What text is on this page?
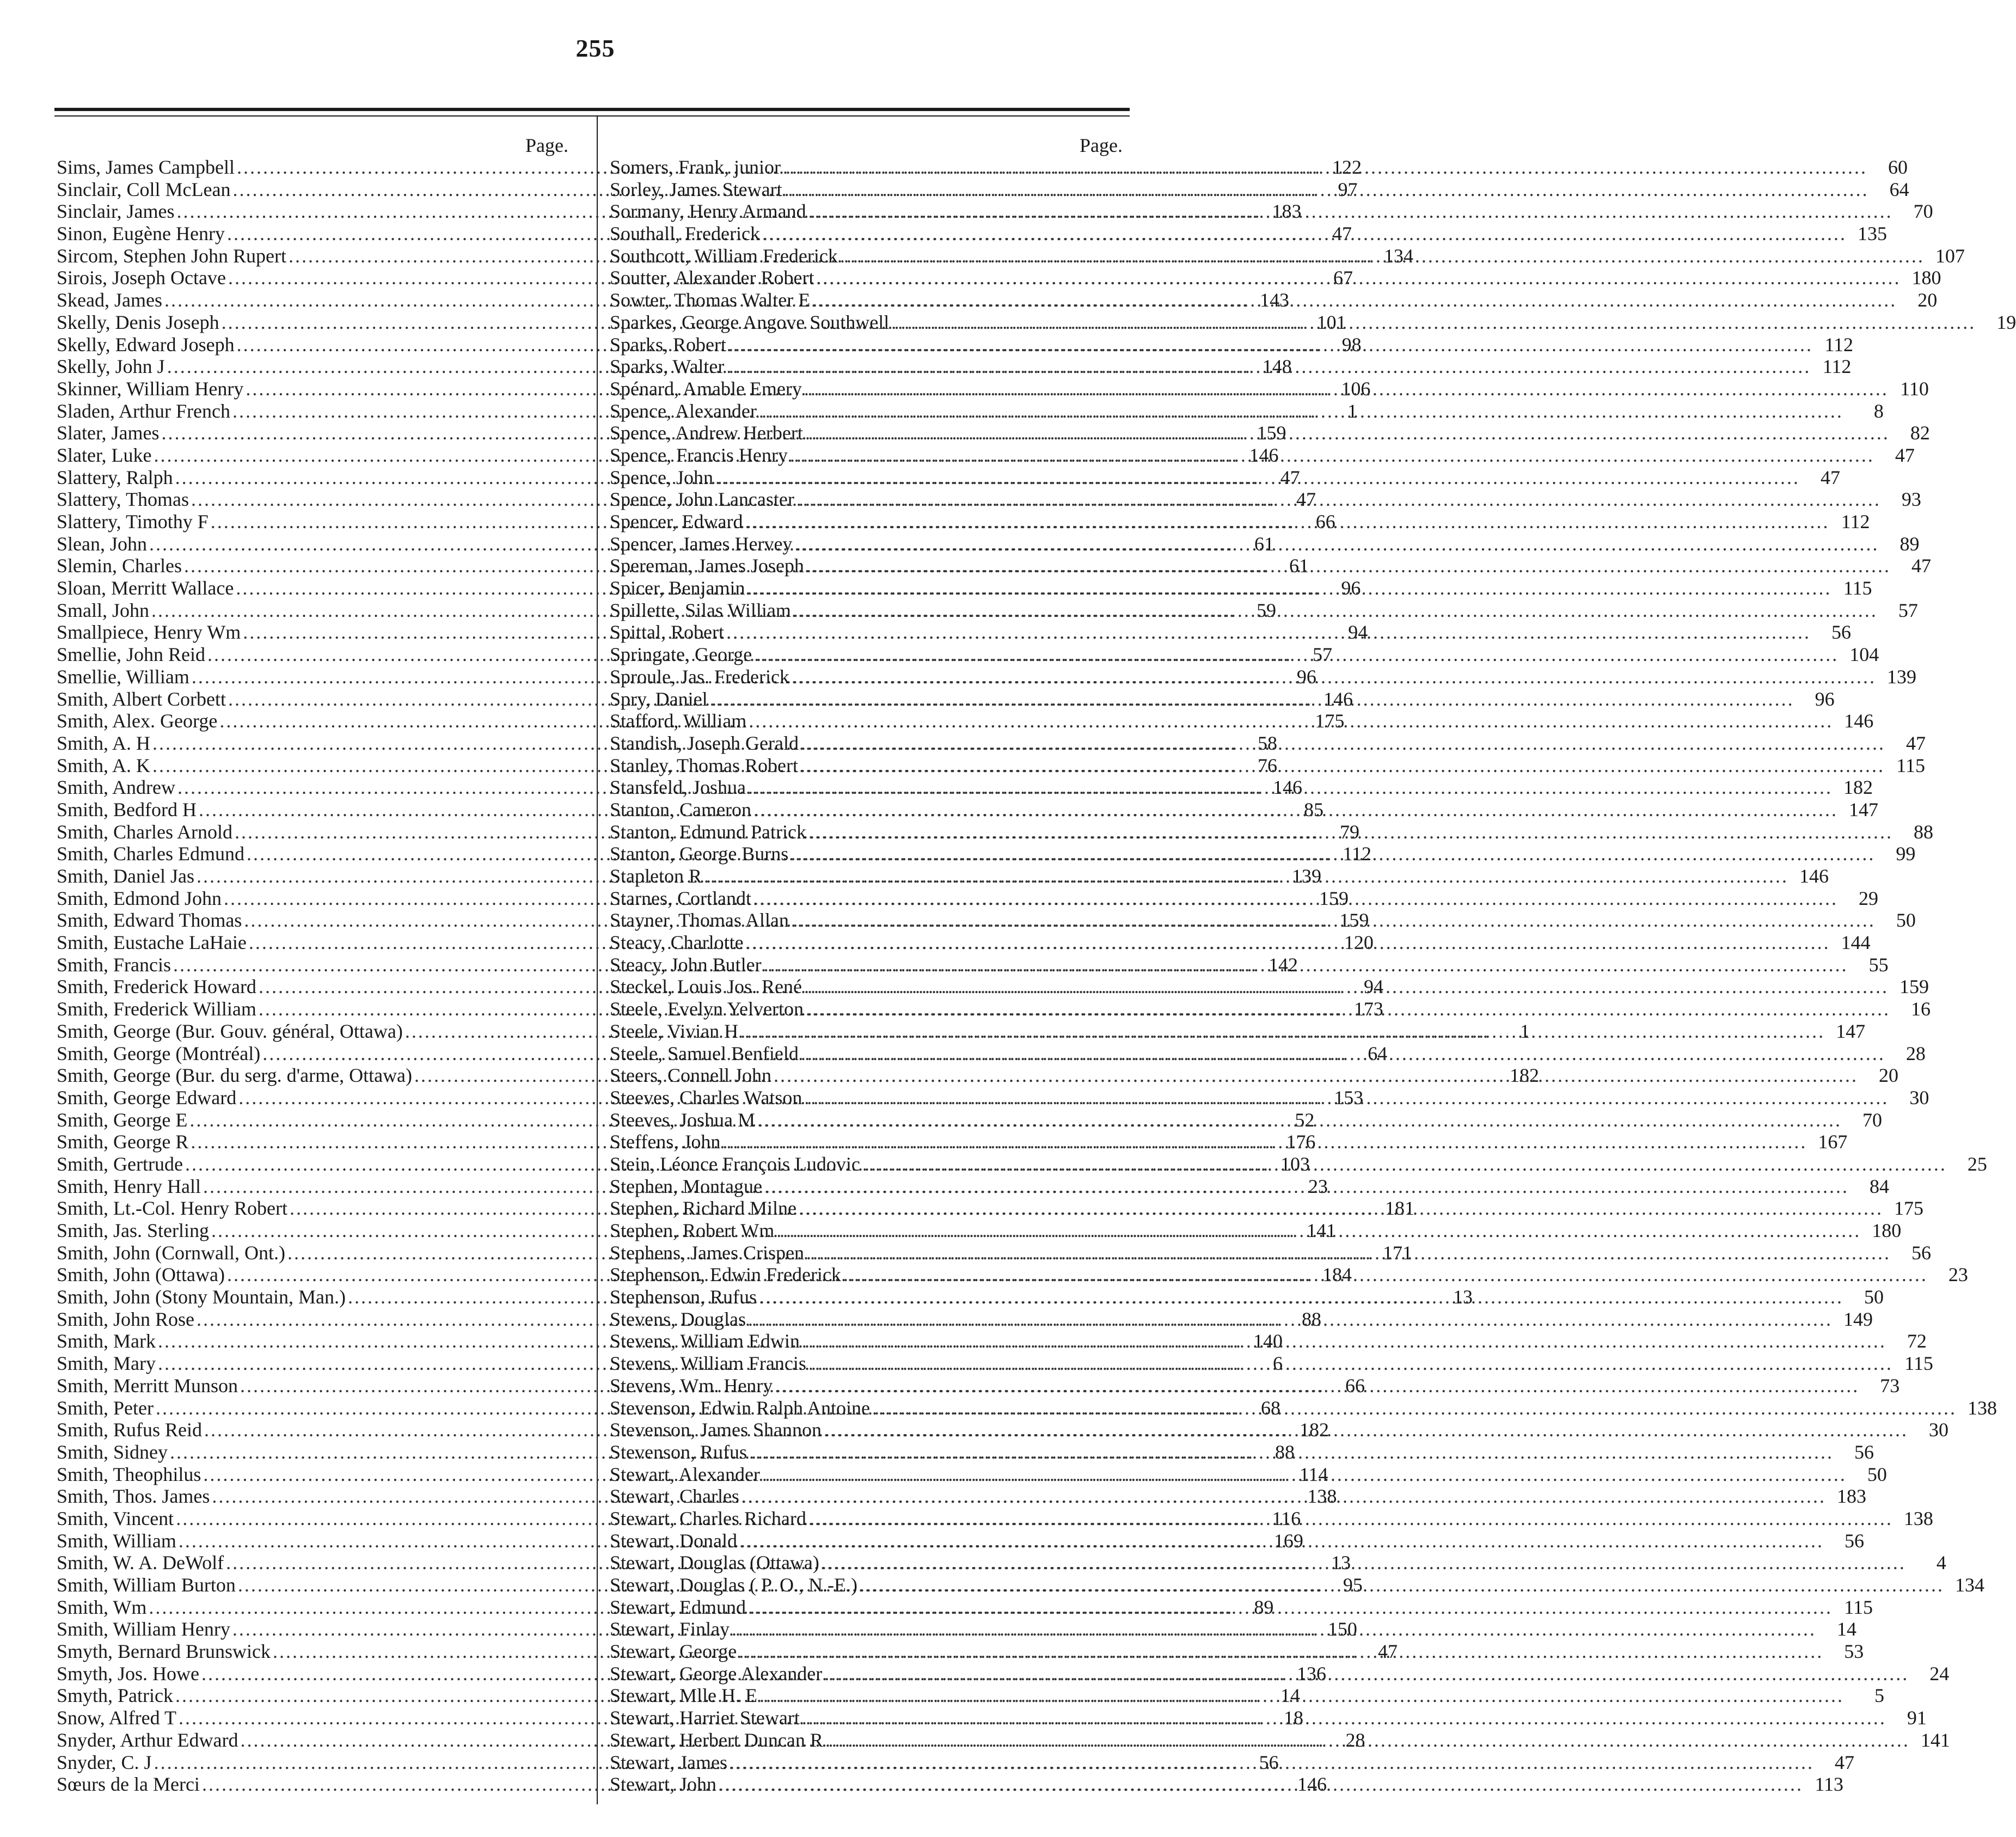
255
Page.
Sims, James Campbell .....	122
Sinclair, Coll McLean .....	97
Sinclair, James .....	183
Sinon, Eugène Henry .....	47
Sircom, Stephen John Rupert .....	134
Sirois, Joseph Octave .....	67
Skead, James .....	143
Skelly, Denis Joseph .....	101
Skelly, Edward Joseph .....	98
Skelly, John J .....	148
Skinner, William Henry .....	106
Sladen, Arthur French .....	1
Slater, James .....	159
Slater, Luke .....	146
Slattery, Ralph .....	47
Slattery, Thomas .....	47
Slattery, Timothy F .....	66
Slean, John .....	61
Slemin, Charles .....	61
Sloan, Merritt Wallace .....	96
Small, John .....	59
Smallpiece, Henry Wm .....	94
Smellie, John Reid .....	57
Smellie, William .....	96
Smith, Albert Corbett .....	146
Smith, Alex. George .....	175
Smith, A. H .....	58
Smith, A. K .....	76
Smith, Andrew .....	146
Smith, Bedford H .....	85
Smith, Charles Arnold .....	79
Smith, Charles Edmund .....	112
Smith, Daniel Jas .....	139
Smith, Edmond John .....	159
Smith, Edward Thomas .....	159
Smith, Eustache LaHaie .....	120
Smith, Francis .....	142
Smith, Frederick Howard .....	94
Smith, Frederick William .....	173
Smith, George (Bur. Gouv. général, Ottawa) .....	1
Smith, George (Montréal) .....	64
Smith, George (Bur. du serg. d'arme, Ottawa) .....	182
Smith, George Edward .....	153
Smith, George E .....	52
Smith, George R .....	176
Smith, Gertrude .....	103
Smith, Henry Hall .....	23
Smith, Lt.-Col. Henry Robert .....	181
Smith, Jas. Sterling .....	141
Smith, John (Cornwall, Ont.) .....	171
Smith, John (Ottawa) .....	184
Smith, John (Stony Mountain, Man.) .....	13
Smith, John Rose .....	88
Smith, Mark .....	140
Smith, Mary .....	6
Smith, Merritt Munson .....	66
Smith, Peter .....	68
Smith, Rufus Reid .....	182
Smith, Sidney .....	88
Smith, Theophilus .....	114
Smith, Thos. James .....	138
Smith, Vincent .....	116
Smith, William .....	169
Smith, W. A. DeWolf .....	13
Smith, William Burton .....	95
Smith, Wm .....	89
Smith, William Henry .....	150
Smyth, Bernard Brunswick .....	47
Smyth, Jos. Howe .....	136
Smyth, Patrick .....	14
Snow, Alfred T .....	18
Snyder, Arthur Edward .....	28
Snyder, C. J .....	56
Sœurs de la Merci .....	146
Page.
Somers, Frank, junior .....	60
Sorley, James Stewart .....	64
Sormany, Henry Armand .....	70
Southall, Frederick .....	135
Southcott, William Frederick .....	107
Soutter, Alexander Robert .....	180
Sowter, Thomas Walter E .....	20
Sparkes, George Angove Southwell .....	19
Sparks, Robert .....	112
Sparks, Walter .....	112
Spénard, Amable Emery .....	110
Spence, Alexander .....	8
Spence, Andrew Herbert .....	82
Spence, Francis Henry .....	47
Spence, John .....	47
Spence, John Lancaster .....	93
Spencer, Edward .....	112
Spencer, James Hervey .....	89
Spereman, James Joseph .....	47
Spicer, Benjamin .....	115
Spillette, Silas William .....	57
Spittal, Robert .....	56
Springate, George .....	104
Sproule, Jas. Frederick .....	139
Spry, Daniel .....	96
Stafford, William .....	146
Standish, Joseph Gerald .....	47
Stanley, Thomas Robert .....	115
Stansfeld, Joshua .....	182
Stanton, Cameron .....	147
Stanton, Edmund Patrick .....	88
Stanton, George Burns .....	99
Stapleton R .....	146
Starnes, Cortlandt .....	29
Stayner, Thomas Allan .....	50
Steacy, Charlotte .....	144
Steacy, John Butler .....	55
Steckel, Louis Jos. René .....	159
Steele, Evelyn Yelverton .....	16
Steele, Vivian H .....	147
Steele, Samuel Benfield .....	28
Steers, Connell John .....	20
Steeves, Charles Watson .....	30
Steeves, Joshua M .....	70
Steffens, John .....	167
Stein, Léonce François Ludovic .....	25
Stephen, Montague .....	84
Stephen, Richard Milne .....	175
Stephen, Robert Wm .....	180
Stephens, James Crispen .....	56
Stephenson, Edwin Frederick .....	23
Stephenson, Rufus .....	50
Stevens, Douglas .....	149
Stevens, William Edwin .....	72
Stevens, William Francis .....	115
Stevens, Wm. Henry .....	73
Stevenson, Edwin Ralph Antoine .....	138
Stevenson, James Shannon .....	30
Stevenson, Rufus .....	56
Stewart, Alexander .....	50
Stewart, Charles .....	183
Stewart, Charles Richard .....	138
Stewart, Donald .....	56
Stewart, Douglas (Ottawa) .....	4
Stewart, Douglas ( P. O., N.-E.) .....	134
Stewart, Edmund .....	115
Stewart, Finlay .....	14
Stewart, George .....	53
Stewart, George Alexander .....	24
Stewart, Mlle H. E .....	5
Stewart, Harriet Stewart .....	91
Stewart, Herbert Duncan R .....	141
Stewart, James .....	47
Stewart, John .....	113
